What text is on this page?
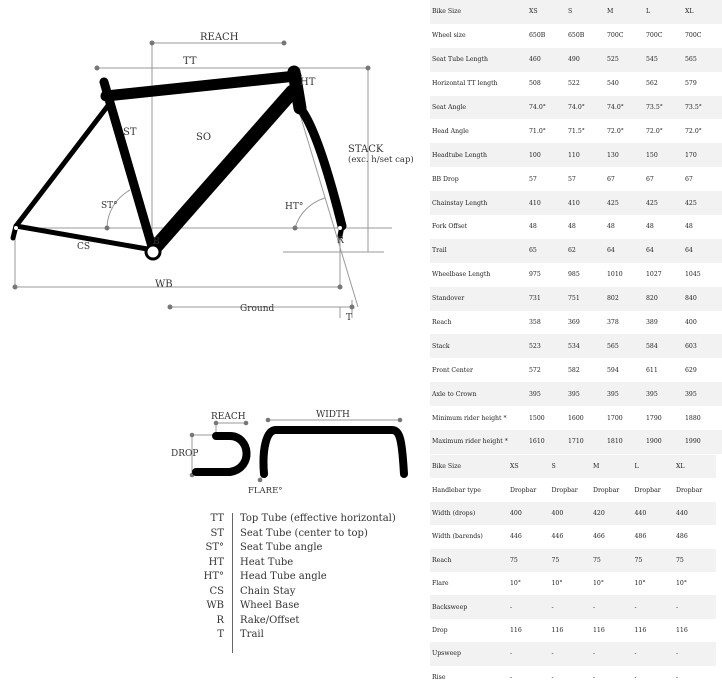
REACH
TT
HT
ST	SO
STACK
(exc. h/set cap)
ST°	HT°
CS	B	R
WB
Ground
T
REACH
DROP
WIDTH
FLARE°
TT Top Tube (effective horizontal)
ST Seat Tube (center to top)
ST° Seat Tube angle
HT Heat Tube
HT° Head Tube angle
CS Chain Stay
WB Wheel Base
R Rake/Offset
T Trail
Bike Size	XS	S	M	L	XL
Wheel size	650B	650B	700C	700C	700C
Seat Tube Length	460	490	525	545	565
Horizontal TT length	508	522	540	562	579
Seat Angle	74.0°	74.0°	74.0°	73.5°	73.5°
Head Angle	71.0°	71.5°	72.0°	72.0°	72.0°
Headtube Length	100	110	130	150	170
BB Drop	57	57	67	67	67
Chainstay Length	410	410	425	425	425
Fork Offset	48	48	48	48	48
Trail	65	62	64	64	64
Wheelbase Length	975	985	1010	1027	1045
Standover	731	751	802	820	840
Reach	358	369	378	389	400
Stack	523	534	565	584	603
Front Center	572	582	594	611	629
Axle to Crown	395	395	395	395	395
Minimum rider height *	1500	1600	1700	1790	1880
Maximum rider height *	1610	1710	1810	1900	1990
Bike Size	XS	S	M	L	XL
Handlebar type	Dropbar	Dropbar	Dropbar	Dropbar	Dropbar
Width (drops)	400	400	420	440	440
Width (barends)	446	446	466	486	486
Reach	75	75	75	75	75
Flare	10°	10°	10°	10°	10°
Backsweep	-	-	-	-	-
Drop	116	116	116	116	116
Upsweep	-	-	-	-	-
Rise	-	-	-	-	-
